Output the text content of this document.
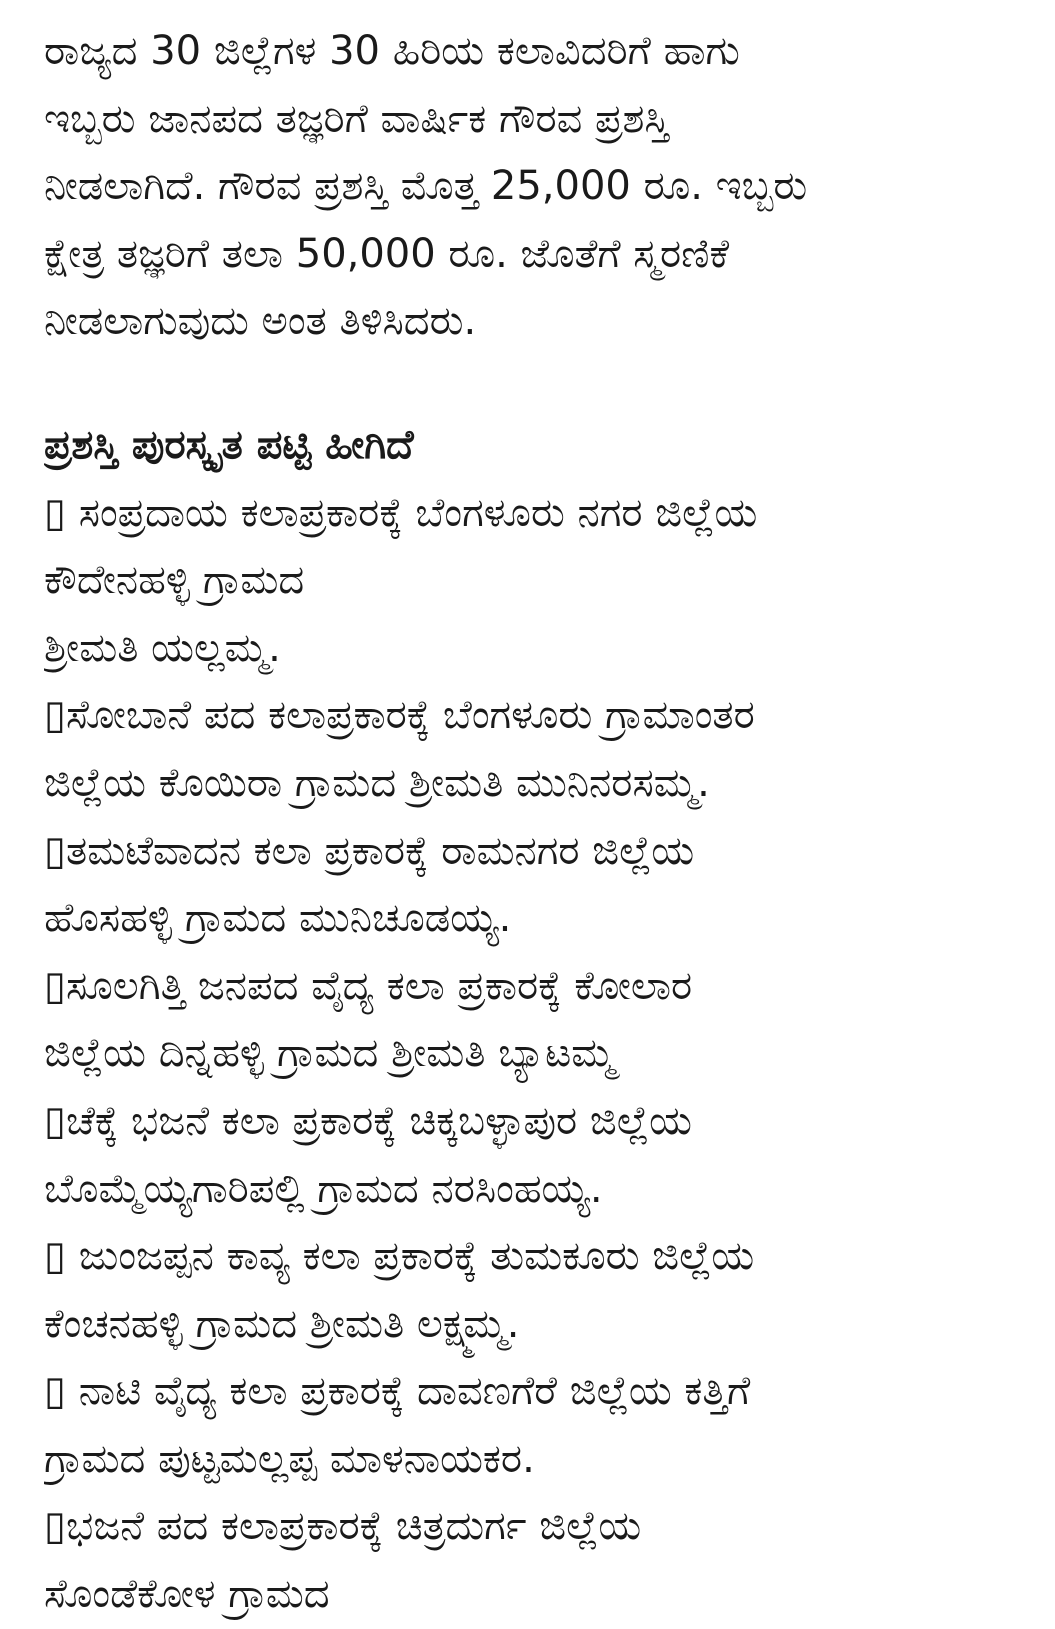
ರಾಜ್ಯದ 30 ಜಿಲ್ಲೆಗಳ 30 ಹಿರಿಯ ಕಲಾವಿದರಿಗೆ ಹಾಗು

ಇಬ್ಬರು ಜಾನಪದ ತಜ್ಞರಿಗೆ ವಾರ್ಷಿಕ ಗೌರವ ಪ್ರಶಸ್ತಿ

ನೀಡಲಾಗಿದೆ. ಗೌರವ ಪ್ರಶಸ್ತಿ ಮೊತ್ತ 25,000 ರೂ. ಇಬ್ಬರು

ಕ್ಷೇತ್ರ ತಜ್ಞರಿಗೆ ತಲಾ 50,000 ರೂ. ಜೊತೆಗೆ ಸ್ಮರಣಿಕೆ

ನೀಡಲಾಗುವುದು ಅಂತ ತಿಳಿಸಿದರು.

ಪ್ರಶಸ್ತಿ ಪುರಸ್ಕೃತ ಪಟ್ಟಿ ಹೀಗಿದೆ

▯ ಸಂಪ್ರದಾಯ ಕಲಾಪ್ರಕಾರಕ್ಕೆ ಬೆಂಗಳೂರು ನಗರ ಜಿಲ್ಲೆಯ

ಕೌದೇನಹಳ್ಳಿ ಗ್ರಾಮದ

ಶ್ರೀಮತಿ ಯಲ್ಲಮ್ಮ.

▯ಸೋಬಾನೆ ಪದ ಕಲಾಪ್ರಕಾರಕ್ಕೆ ಬೆಂಗಳೂರು ಗ್ರಾಮಾಂತರ

ಜಿಲ್ಲೆಯ ಕೊಯಿರಾ ಗ್ರಾಮದ ಶ್ರೀಮತಿ ಮುನಿನರಸಮ್ಮ.

▯ತಮಟೆವಾದನ ಕಲಾ ಪ್ರಕಾರಕ್ಕೆ ರಾಮನಗರ ಜಿಲ್ಲೆಯ

ಹೊಸಹಳ್ಳಿ ಗ್ರಾಮದ ಮುನಿಚೂಡಯ್ಯ.

▯ಸೂಲಗಿತ್ತಿ ಜನಪದ ವೈದ್ಯ ಕಲಾ ಪ್ರಕಾರಕ್ಕೆ ಕೋಲಾರ

ಜಿಲ್ಲೆಯ ದಿನ್ನಹಳ್ಳಿ ಗ್ರಾಮದ ಶ್ರೀಮತಿ ಬ್ಯಾಟಮ್ಮ

▯ಚೆಕ್ಕೆ ಭಜನೆ ಕಲಾ ಪ್ರಕಾರಕ್ಕೆ ಚಿಕ್ಕಬಳ್ಳಾಪುರ ಜಿಲ್ಲೆಯ

ಬೊಮ್ಮೆಯ್ಯಗಾರಿಪಲ್ಲಿ ಗ್ರಾಮದ ನರಸಿಂಹಯ್ಯ.

▯ ಜುಂಜಪ್ಪನ ಕಾವ್ಯ ಕಲಾ ಪ್ರಕಾರಕ್ಕೆ ತುಮಕೂರು ಜಿಲ್ಲೆಯ

ಕೆಂಚನಹಳ್ಳಿ ಗ್ರಾಮದ ಶ್ರೀಮತಿ ಲಕ್ಷ್ಮಮ್ಮ.

▯ ನಾಟಿ ವೈದ್ಯ ಕಲಾ ಪ್ರಕಾರಕ್ಕೆ ದಾವಣಗೆರೆ ಜಿಲ್ಲೆಯ ಕತ್ತಿಗೆ

ಗ್ರಾಮದ ಪುಟ್ಟಮಲ್ಲಪ್ಪ ಮಾಳನಾಯಕರ.

▯ಭಜನೆ ಪದ ಕಲಾಪ್ರಕಾರಕ್ಕೆ ಚಿತ್ರದುರ್ಗ ಜಿಲ್ಲೆಯ

ಸೊಂಡೆಕೋಳ ಗ್ರಾಮದ
